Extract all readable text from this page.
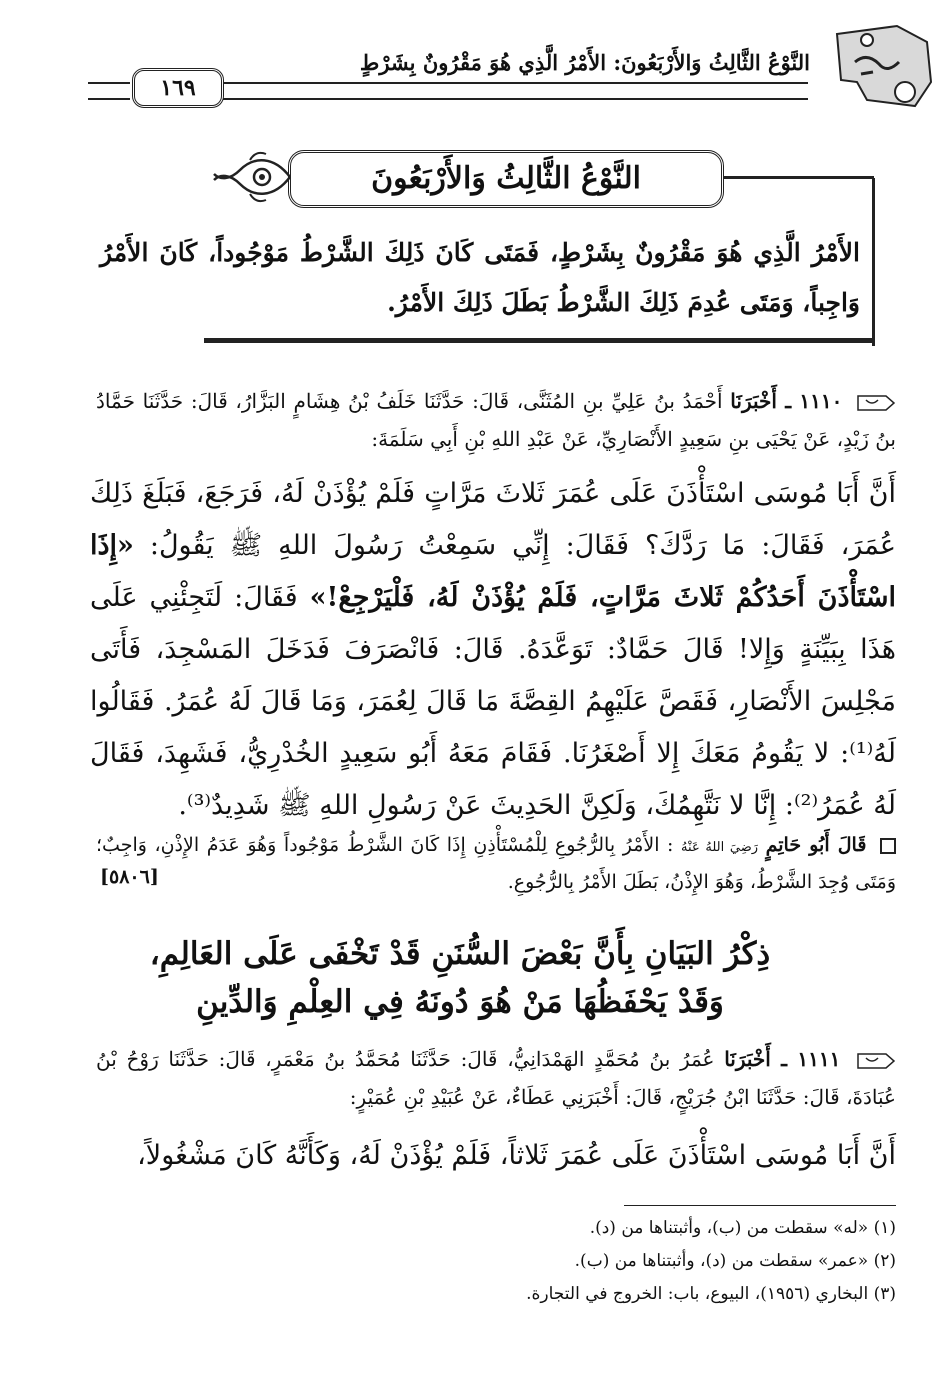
النَّوْعُ الثَّالِثُ وَالأَرْبَعُونَ: الأَمْرُ الَّذِي هُوَ مَقْرُونٌ بِشَرْطٍ
١٦٩
النَّوْعُ الثَّالِثُ وَالأَرْبَعُونَ
الأَمْرُ الَّذِي هُوَ مَقْرُونٌ بِشَرْطٍ، فَمَتَى كَانَ ذَلِكَ الشَّرْطُ مَوْجُوداً، كَانَ الأَمْرُ وَاجِباً، وَمَتَى عُدِمَ ذَلِكَ الشَّرْطُ بَطَلَ ذَلِكَ الأَمْرُ.
١١١٠ ـ أَخْبَرَنَا أَحْمَدُ بنُ عَلِيِّ بنِ المُثَنَّى، قَالَ: حَدَّثَنَا خَلَفُ بْنُ هِشَامٍ البَزَّارُ، قَالَ: حَدَّثَنَا حَمَّادُ بنُ زَيْدٍ، عَنْ يَحْيَى بنِ سَعِيدٍ الأَنْصَارِيِّ، عَنْ عَبْدِ اللهِ بْنِ أَبِي سَلَمَةَ:
أَنَّ أَبَا مُوسَى اسْتَأْذَنَ عَلَى عُمَرَ ثَلاثَ مَرَّاتٍ فَلَمْ يُؤْذَنْ لَهُ، فَرَجَعَ، فَبَلَغَ ذَلِكَ عُمَرَ، فَقَالَ: مَا رَدَّكَ؟ فَقَالَ: إِنِّي سَمِعْتُ رَسُولَ اللهِ ﷺ يَقُولُ: «إِذَا اسْتَأْذَنَ أَحَدُكُمْ ثَلاثَ مَرَّاتٍ، فَلَمْ يُؤْذَنْ لَهُ، فَلْيَرْجِعْ!» فَقَالَ: لَتَجِئْنِي عَلَى هَذَا بِبَيِّنَةٍ وَإِلا! قَالَ حَمَّادٌ: تَوَعَّدَهُ. قَالَ: فَانْصَرَفَ فَدَخَلَ المَسْجِدَ، فَأَتَى مَجْلِسَ الأَنْصَارِ، فَقَصَّ عَلَيْهِمُ القِصَّةَ مَا قَالَ لِعُمَرَ، وَمَا قَالَ لَهُ عُمَرُ. فَقَالُوا لَهُ⁽¹⁾: لا يَقُومُ مَعَكَ إِلا أَصْغَرُنَا. فَقَامَ مَعَهُ أَبُو سَعِيدٍ الخُدْرِيُّ، فَشَهِدَ، فَقَالَ لَهُ عُمَرُ⁽²⁾: إِنَّا لا نَتَّهِمُكَ، وَلَكِنَّ الحَدِيثَ عَنْ رَسُولِ اللهِ ﷺ شَدِيدٌ⁽³⁾.
قَالَ أَبُو حَاتِمٍ رَضِيَ اللهُ عَنْهُ : الأَمْرُ بِالرُّجُوعِ لِلْمُسْتَأْذِنِ إِذَا كَانَ الشَّرْطُ مَوْجُوداً وَهُوَ عَدَمُ الإِذْنِ، وَاجِبٌ؛ وَمَتَى وُجِدَ الشَّرْطُ، وَهُوَ الإِذْنُ، بَطَلَ الأَمْرُ بِالرُّجُوعِ.
[٥٨٠٦]
ذِكْرُ البَيَانِ بِأَنَّ بَعْضَ السُّنَنِ قَدْ تَخْفَى عَلَى العَالِمِ،
وَقَدْ يَحْفَظُهَا مَنْ هُوَ دُونَهُ فِي العِلْمِ وَالدِّينِ
١١١١ ـ أَخْبَرَنَا عُمَرُ بنُ مُحَمَّدٍ الهَمْدَانِيُّ، قَالَ: حَدَّثَنَا مُحَمَّدُ بنُ مَعْمَرٍ، قَالَ: حَدَّثَنَا رَوْحُ بْنُ عُبَادَةَ، قَالَ: حَدَّثَنَا ابْنُ جُرَيْجٍ، قَالَ: أَخْبَرَنِي عَطَاءٌ، عَنْ عُبَيْدِ بْنِ عُمَيْرٍ:
أَنَّ أَبَا مُوسَى اسْتَأْذَنَ عَلَى عُمَرَ ثَلاثاً، فَلَمْ يُؤْذَنْ لَهُ، وَكَأَنَّهُ كَانَ مَشْغُولاً،
(١) «له» سقطت من (ب)، وأثبتناها من (د).
(٢) «عمر» سقطت من (د)، وأثبتناها من (ب).
(٣) البخاري (١٩٥٦)، البيوع، باب: الخروج في التجارة.
